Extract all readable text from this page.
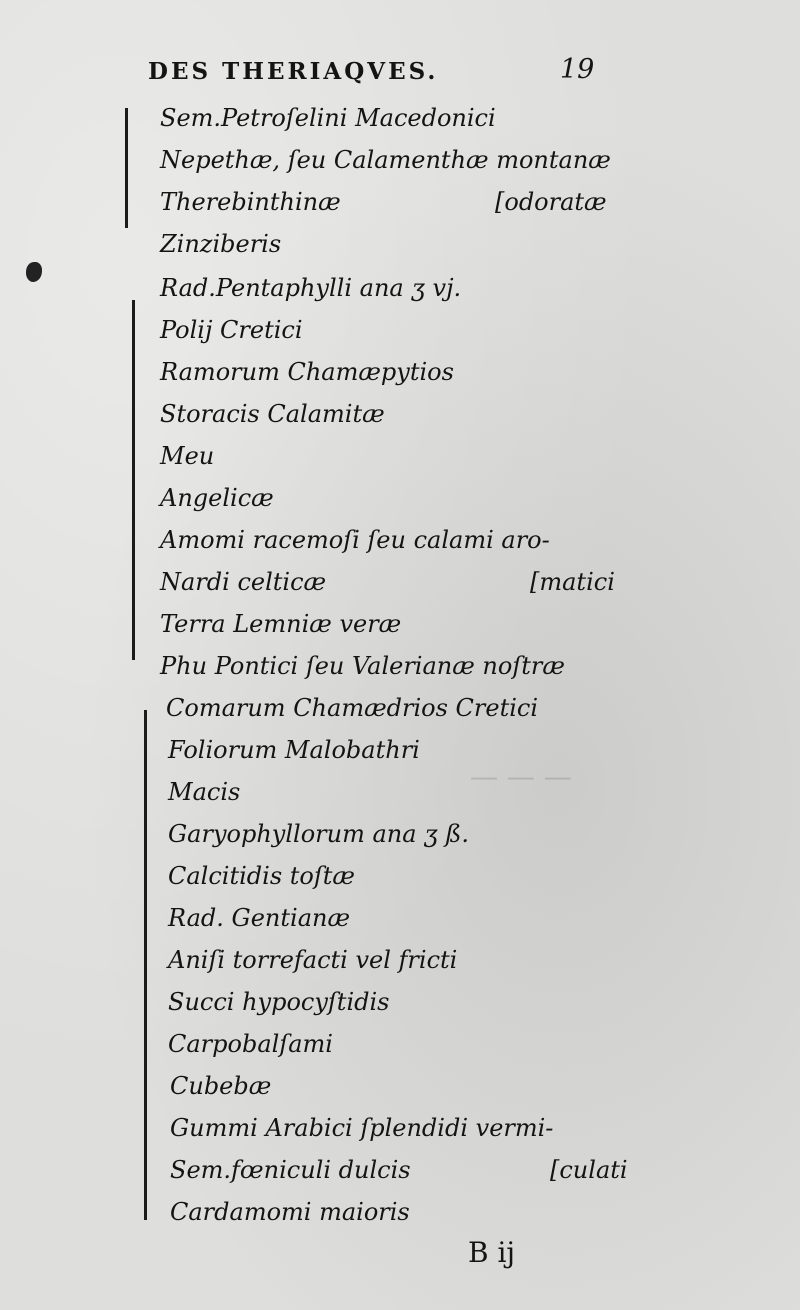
DES THERIAQVES.	19
— — —
Sem.Petroſelini Macedonici
Nepethæ, ſeu Calamenthæ montanæ
Therebinthinæ
Zinziberis
Rad.Pentaphylli ana ʒ vj.
Polij Cretici
Ramorum Chamæpytios
Storacis Calamitæ
Meu
Angelicæ
Amomi racemoſi ſeu calami aro-
Nardi celticæ
Terra Lemniæ veræ
Phu Pontici ſeu Valerianæ noſtræ
Comarum Chamædrios Cretici
Foliorum Malobathri
Macis
Garyophyllorum ana ʒ ß.
Calcitidis toſtæ
Rad. Gentianæ
Aniſi torrefacti vel fricti
Succi hypocyſtidis
Carpobalſami
Cubebæ
Gummi Arabici ſplendidi vermi-
Sem.fœniculi dulcis
Cardamomi maioris
[odoratæ
[matici
[culati
B ij
